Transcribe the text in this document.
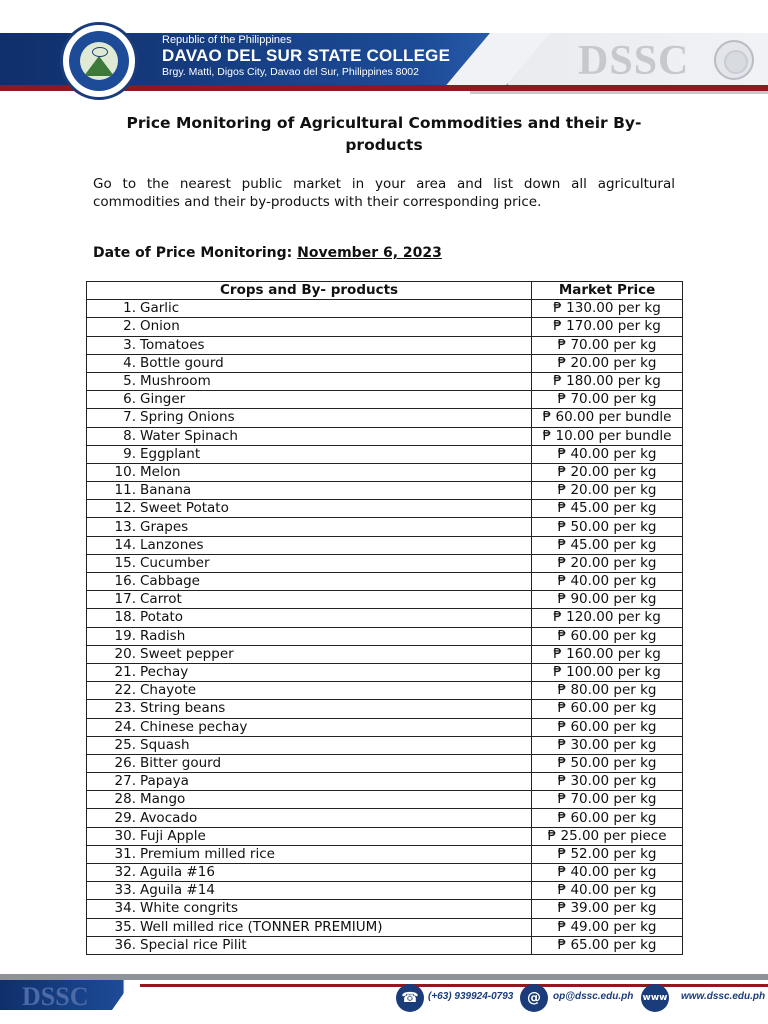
Republic of the Philippines
DAVAO DEL SUR STATE COLLEGE
Brgy. Matti, Digos City, Davao del Sur, Philippines 8002	DSSC
Price Monitoring of Agricultural Commodities and their By-products
Go to the nearest public market in your area and list down all agricultural commodities and their by-products with their corresponding price.
Date of Price Monitoring: November 6, 2023
Crops and By- products	Market Price
1. Garlic	₱ 130.00 per kg
2. Onion	₱ 170.00 per kg
3. Tomatoes	₱ 70.00 per kg
4. Bottle gourd	₱ 20.00 per kg
5. Mushroom	₱ 180.00 per kg
6. Ginger	₱ 70.00 per kg
7. Spring Onions	₱ 60.00 per bundle
8. Water Spinach	₱ 10.00 per bundle
9. Eggplant	₱ 40.00 per kg
10. Melon	₱ 20.00 per kg
11. Banana	₱ 20.00 per kg
12. Sweet Potato	₱ 45.00 per kg
13. Grapes	₱ 50.00 per kg
14. Lanzones	₱ 45.00 per kg
15. Cucumber	₱ 20.00 per kg
16. Cabbage	₱ 40.00 per kg
17. Carrot	₱ 90.00 per kg
18. Potato	₱ 120.00 per kg
19. Radish	₱ 60.00 per kg
20. Sweet pepper	₱ 160.00 per kg
21. Pechay	₱ 100.00 per kg
22. Chayote	₱ 80.00 per kg
23. String beans	₱ 60.00 per kg
24. Chinese pechay	₱ 60.00 per kg
25. Squash	₱ 30.00 per kg
26. Bitter gourd	₱ 50.00 per kg
27. Papaya	₱ 30.00 per kg
28. Mango	₱ 70.00 per kg
29. Avocado	₱ 60.00 per kg
30. Fuji Apple	₱ 25.00 per piece
31. Premium milled rice	₱ 52.00 per kg
32. Aguila #16	₱ 40.00 per kg
33. Aguila #14	₱ 40.00 per kg
34. White congrits	₱ 39.00 per kg
35. Well milled rice (TONNER PREMIUM)	₱ 49.00 per kg
36. Special rice Pilit	₱ 65.00 per kg
DSSC	☎ (+63) 939924-0793 @	op@dssc.edu.ph www www.dssc.edu.ph
